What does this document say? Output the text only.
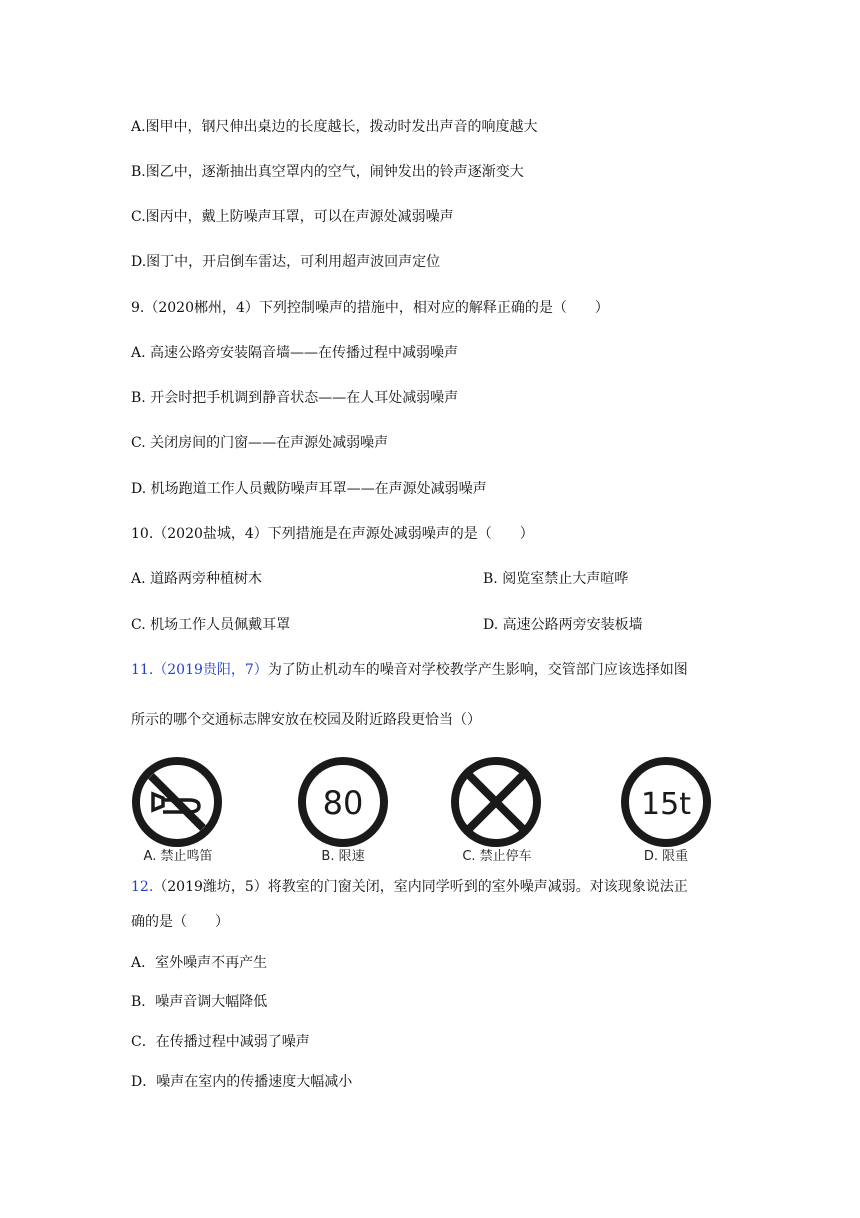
A.图甲中，钢尺伸出桌边的长度越长，拨动时发出声音的响度越大
B.图乙中，逐渐抽出真空罩内的空气，闹钟发出的铃声逐渐变大
C.图丙中，戴上防噪声耳罩，可以在声源处减弱噪声
D.图丁中，开启倒车雷达，可利用超声波回声定位
9.（2020郴州，4）下列控制噪声的措施中，相对应的解释正确的是（　　）
A. 高速公路旁安装隔音墙——在传播过程中减弱噪声
B. 开会时把手机调到静音状态——在人耳处减弱噪声
C. 关闭房间的门窗——在声源处减弱噪声
D. 机场跑道工作人员戴防噪声耳罩——在声源处减弱噪声
10.（2020盐城，4）下列措施是在声源处减弱噪声的是（　　）
A. 道路两旁种植树木	B. 阅览室禁止大声喧哗
C. 机场工作人员佩戴耳罩	D. 高速公路两旁安装板墙
11.（2019贵阳，7）为了防止机动车的噪音对学校教学产生影响，交管部门应该选择如图
所示的哪个交通标志牌安放在校园及附近路段更恰当（）
80	15t
A. 禁止鸣笛	B. 限速	C. 禁止停车	D. 限重
12.（2019潍坊，5）将教室的门窗关闭，室内同学听到的室外噪声减弱。对该现象说法正
确的是（　　）
A．室外噪声不再产生
B．噪声音调大幅降低
C．在传播过程中减弱了噪声
D．噪声在室内的传播速度大幅减小
